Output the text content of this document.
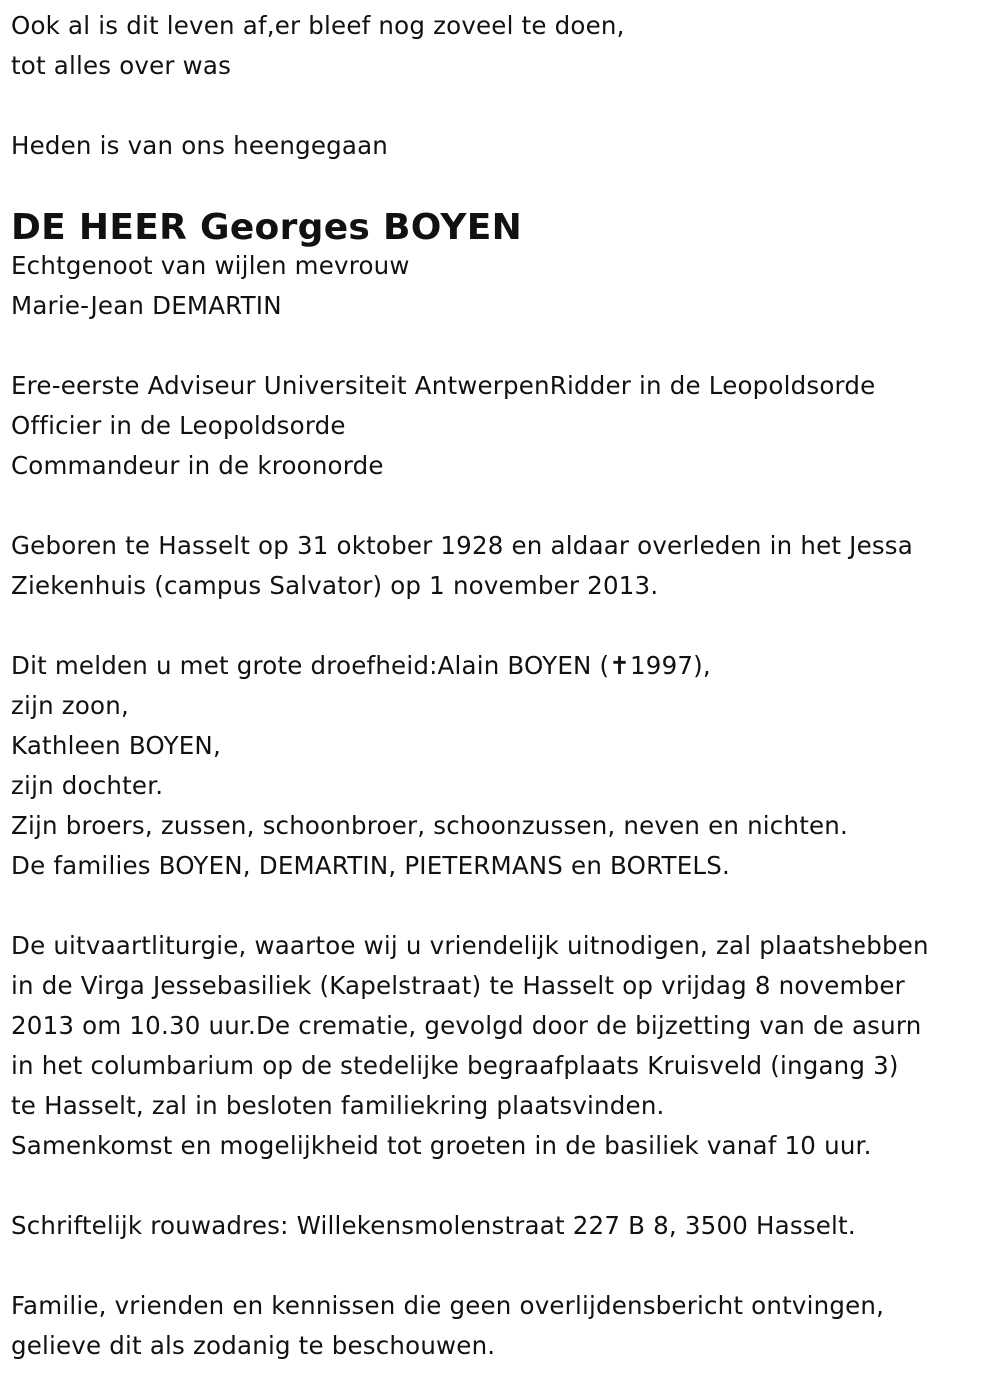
Ook al is dit leven af,er bleef nog zoveel te doen,
tot alles over was
Heden is van ons heengegaan
DE HEER Georges BOYEN
Echtgenoot van wijlen mevrouw
Marie-Jean DEMARTIN
Ere-eerste Adviseur Universiteit AntwerpenRidder in de Leopoldsorde
Officier in de Leopoldsorde
Commandeur in de kroonorde
Geboren te Hasselt op 31 oktober 1928 en aldaar overleden in het Jessa
Ziekenhuis (campus Salvator) op 1 november 2013.
Dit melden u met grote droefheid:Alain BOYEN (✝1997),
zijn zoon,
Kathleen BOYEN,
zijn dochter.
Zijn broers, zussen, schoonbroer, schoonzussen, neven en nichten.
De families BOYEN, DEMARTIN, PIETERMANS en BORTELS.
De uitvaartliturgie, waartoe wij u vriendelijk uitnodigen, zal plaatshebben
in de Virga Jessebasiliek (Kapelstraat) te Hasselt op vrijdag 8 november
2013 om 10.30 uur.De crematie, gevolgd door de bijzetting van de asurn
in het columbarium op de stedelijke begraafplaats Kruisveld (ingang 3)
te Hasselt, zal in besloten familiekring plaatsvinden.
Samenkomst en mogelijkheid tot groeten in de basiliek vanaf 10 uur.
Schriftelijk rouwadres: Willekensmolenstraat 227 B 8, 3500 Hasselt.
Familie, vrienden en kennissen die geen overlijdensbericht ontvingen,
gelieve dit als zodanig te beschouwen.
